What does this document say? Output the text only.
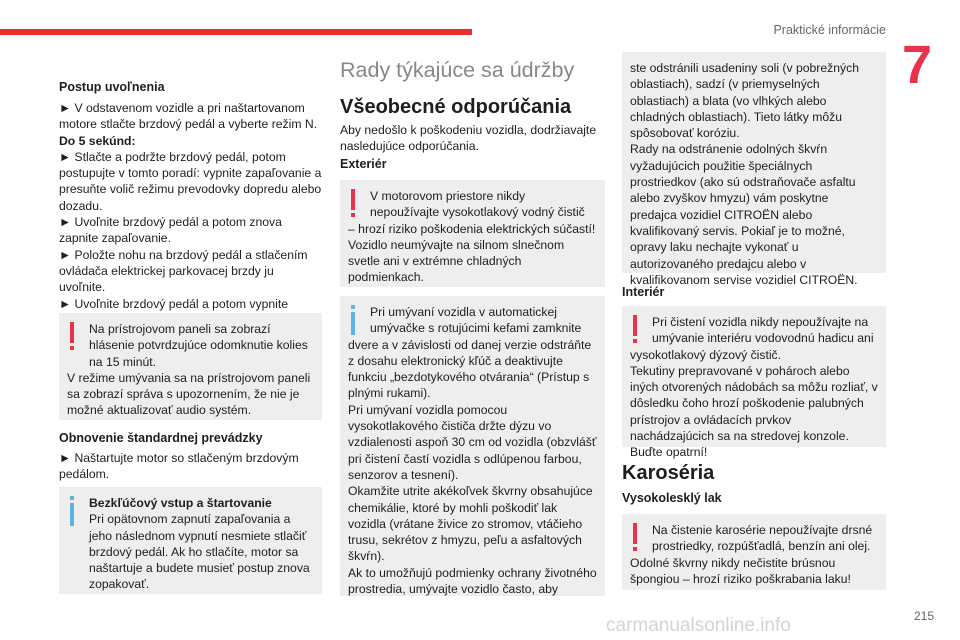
Praktické informácie
7
215
carmanualsonline.info
Postup uvoľnenia
► V odstavenom vozidle a pri naštartovanom motore stlačte brzdový pedál a vyberte režim N.
Do 5 sekúnd:
► Stlačte a podržte brzdový pedál, potom postupujte v tomto poradí: vypnite zapaľovanie a presuňte volič režimu prevodovky dopredu alebo dozadu.
► Uvoľnite brzdový pedál a potom znova zapnite zapaľovanie.
► Položte nohu na brzdový pedál a stlačením ovládača elektrickej parkovacej brzdy ju uvoľnite.
► Uvoľnite brzdový pedál a potom vypnite
Na prístrojovom paneli sa zobrazí hlásenie potvrdzujúce odomknutie kolies na 15 minút.
V režime umývania sa na prístrojovom paneli sa zobrazí správa s upozornením, že nie je možné aktualizovať audio systém.
Obnovenie štandardnej prevádzky
► Naštartujte motor so stlačeným brzdovým pedálom.
Bezkľúčový vstup a štartovanie
Pri opätovnom zapnutí zapaľovania a jeho následnom vypnutí nesmiete stlačiť brzdový pedál. Ak ho stlačíte, motor sa naštartuje a budete musieť postup znova zopakovať.
Rady týkajúce sa údržby
Všeobecné odporúčania
Aby nedošlo k poškodeniu vozidla, dodržiavajte nasledujúce odporúčania.
Exteriér
V motorovom priestore nikdy nepoužívajte vysokotlakový vodný čistič
– hrozí riziko poškodenia elektrických súčastí! Vozidlo neumývajte na silnom slnečnom svetle ani v extrémne chladných podmienkach.
Pri umývaní vozidla v automatickej umývačke s rotujúcimi kefami zamknite
dvere a v závislosti od danej verzie odstráňte z dosahu elektronický kľúč a deaktivujte funkciu „bezdotykového otvárania“ (Prístup s plnými rukami).
Pri umývaní vozidla pomocou vysokotlakového čističa držte dýzu vo vzdialenosti aspoň 30 cm od vozidla (obzvlášť pri čistení častí vozidla s odlúpenou farbou, senzorov a tesnení).
Okamžite utrite akékoľvek škvrny obsahujúce chemikálie, ktoré by mohli poškodiť lak vozidla (vrátane živice zo stromov, vtáčieho trusu, sekrétov z hmyzu, peľu a asfaltových škvŕn).
Ak to umožňujú podmienky ochrany životného prostredia, umývajte vozidlo často, aby
ste odstránili usadeniny soli (v pobrežných oblastiach), sadzí (v priemyselných oblastiach) a blata (vo vlhkých alebo chladných oblastiach). Tieto látky môžu spôsobovať koróziu.
Rady na odstránenie odolných škvŕn vyžadujúcich použitie špeciálnych prostriedkov (ako sú odstraňovače asfaltu alebo zvyškov hmyzu) vám poskytne predajca vozidiel CITROËN alebo kvalifikovaný servis. Pokiaľ je to možné, opravy laku nechajte vykonať u autorizovaného predajcu alebo v kvalifikovanom servise vozidiel CITROËN.
Interiér
Pri čistení vozidla nikdy nepoužívajte na umývanie interiéru vodovodnú hadicu ani
vysokotlakový dýzový čistič.
Tekutiny prepravované v pohároch alebo iných otvorených nádobách sa môžu rozliať, v dôsledku čoho hrozí poškodenie palubných prístrojov a ovládacích prvkov nachádzajúcich sa na stredovej konzole. Buďte opatrní!
Karoséria
Vysokolesklý lak
Na čistenie karosérie nepoužívajte drsné prostriedky, rozpúšťadlá, benzín ani olej.
Odolné škvrny nikdy nečistite brúsnou špongiou – hrozí riziko poškrabania laku!
